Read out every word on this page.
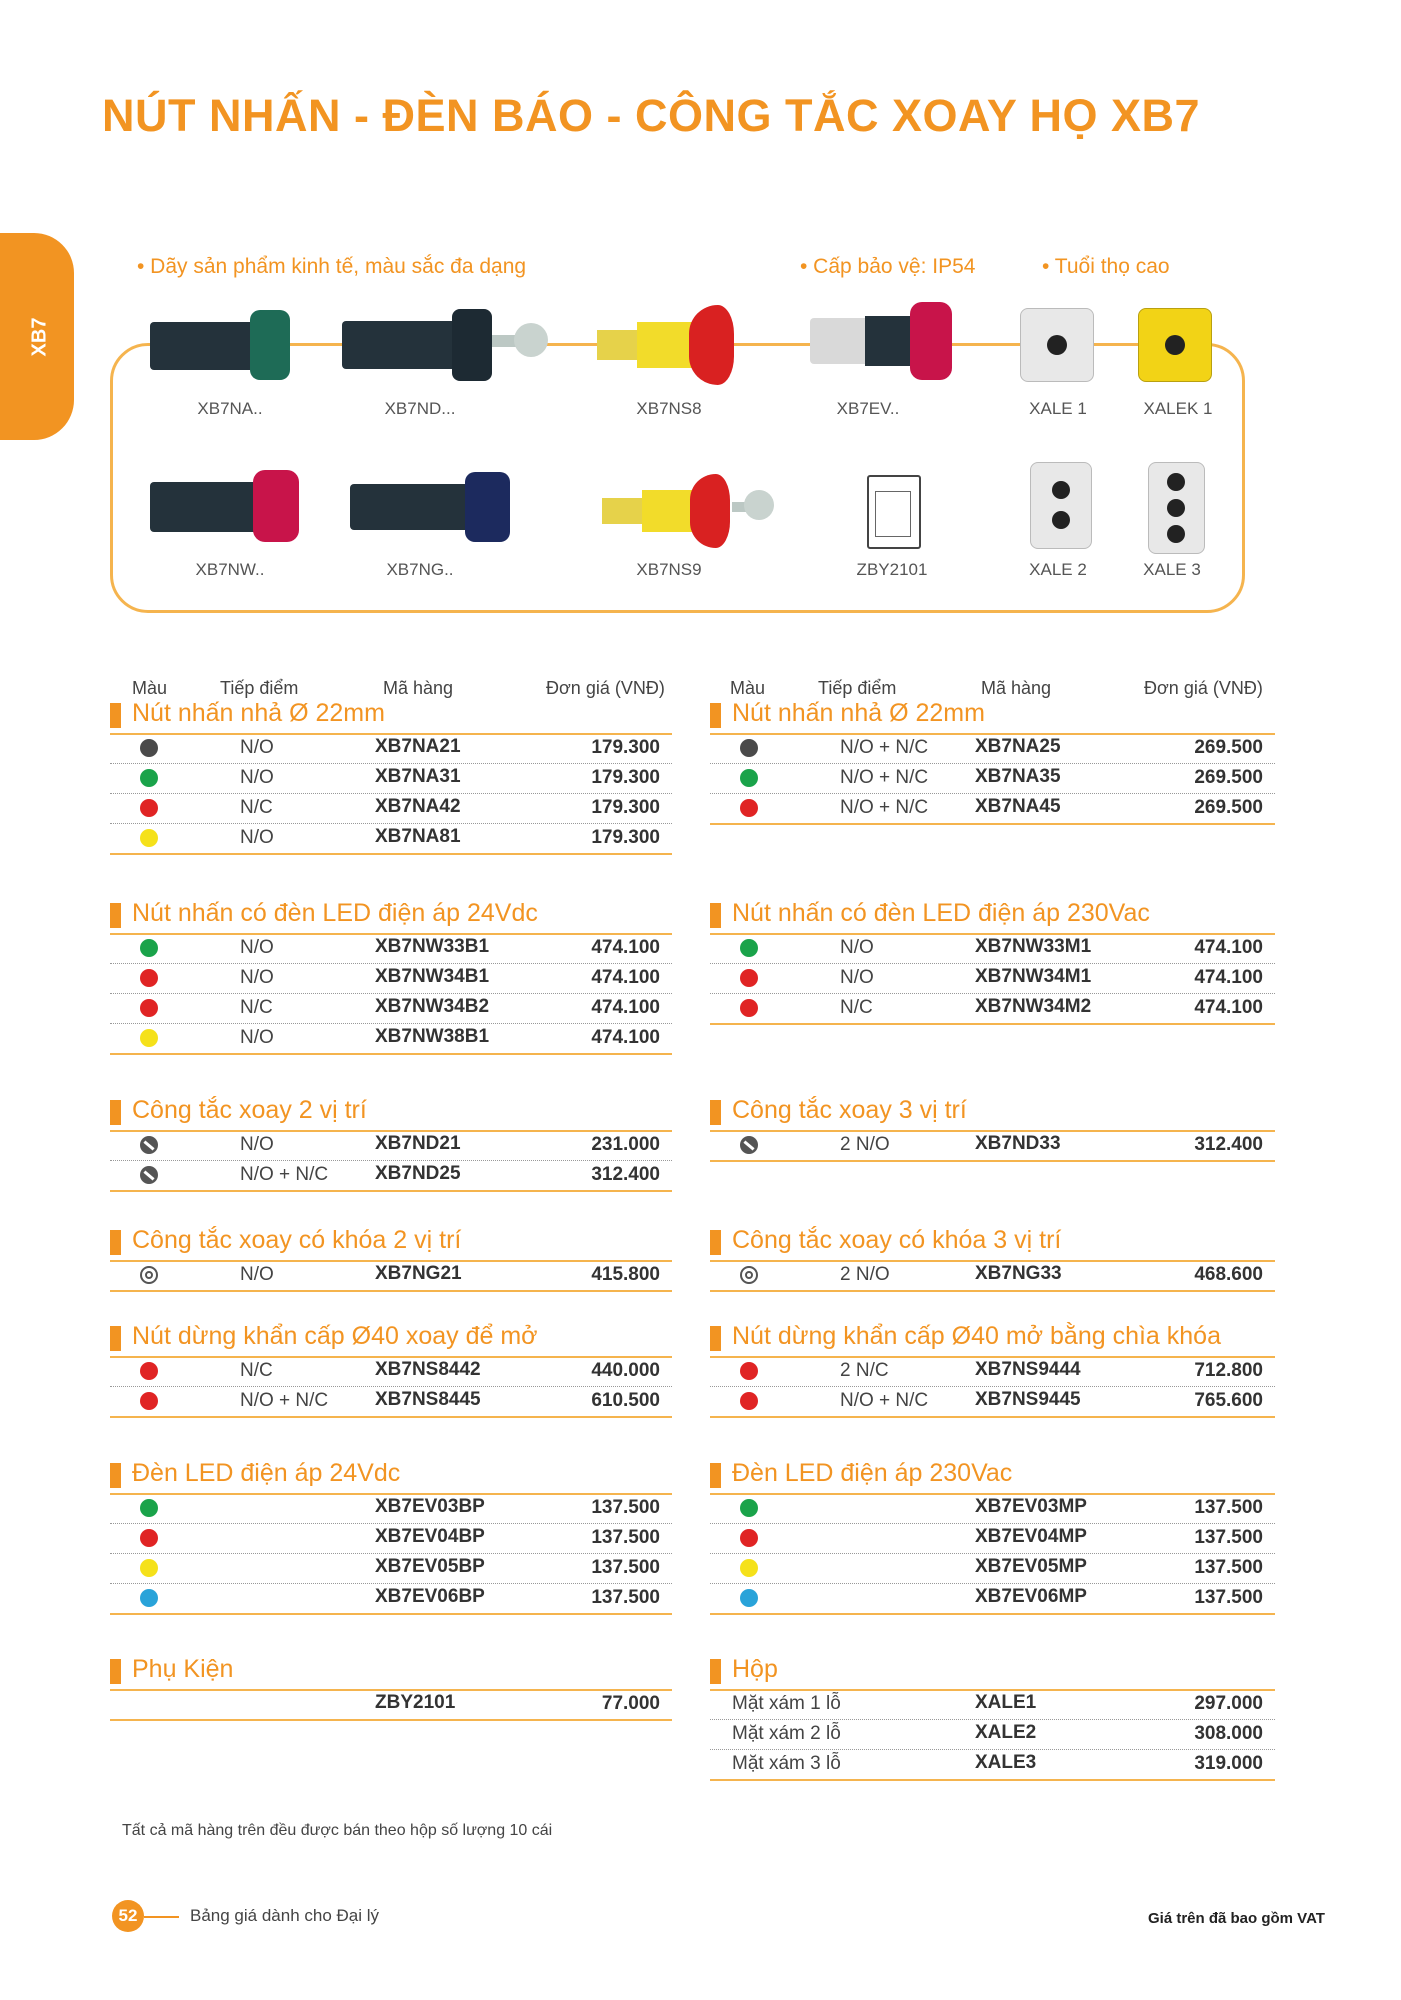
NÚT NHẤN - ĐÈN BÁO - CÔNG TẮC XOAY HỌ XB7
XB7
• Dãy sản phẩm kinh tế, màu sắc đa dạng	• Cấp bảo vệ: IP54	• Tuổi thọ cao
XB7NA..	XB7ND...	XB7NS8	XB7EV..	XALE 1	XALEK 1
XB7NW..	XB7NG..	XB7NS9	ZBY2101	XALE 2	XALE 3
Màu	Tiếp điểm	Mã hàng	Đơn giá (VNĐ)	Màu	Tiếp điểm	Mã hàng	Đơn giá (VNĐ)
Nút nhấn nhả Ø 22mm
N/O	XB7NA21	179.300
N/O	XB7NA31	179.300
N/C	XB7NA42	179.300
N/O	XB7NA81	179.300
Nút nhấn có đèn LED điện áp 24Vdc
N/O	XB7NW33B1	474.100
N/O	XB7NW34B1	474.100
N/C	XB7NW34B2	474.100
N/O	XB7NW38B1	474.100
Công tắc xoay 2 vị trí
N/O	XB7ND21	231.000
N/O + N/C XB7ND25	312.400
Công tắc xoay có khóa 2 vị trí
N/O	XB7NG21	415.800
Nút dừng khẩn cấp Ø40 xoay để mở
N/C	XB7NS8442	440.000
N/O + N/C XB7NS8445	610.500
Đèn LED điện áp 24Vdc
XB7EV03BP	137.500
XB7EV04BP	137.500
XB7EV05BP	137.500
XB7EV06BP	137.500
Phụ Kiện
ZBY2101	77.000
Nút nhấn nhả Ø 22mm
N/O + N/C XB7NA25	269.500
N/O + N/C XB7NA35	269.500
N/O + N/C XB7NA45	269.500
Nút nhấn có đèn LED điện áp 230Vac
N/O	XB7NW33M1	474.100
N/O	XB7NW34M1	474.100
N/C	XB7NW34M2	474.100
Công tắc xoay 3 vị trí
2 N/O	XB7ND33	312.400
Công tắc xoay có khóa 3 vị trí
2 N/O	XB7NG33	468.600
Nút dừng khẩn cấp Ø40 mở bằng chìa khóa
2 N/C	XB7NS9444	712.800
N/O + N/C XB7NS9445	765.600
Đèn LED điện áp 230Vac
XB7EV03MP	137.500
XB7EV04MP	137.500
XB7EV05MP	137.500
XB7EV06MP	137.500
Hộp
Mặt xám 1 lỗ	XALE1	297.000
Mặt xám 2 lỗ	XALE2	308.000
Mặt xám 3 lỗ	XALE3	319.000
Tất cả mã hàng trên đều được bán theo hộp số lượng 10 cái
52	Bảng giá dành cho Đại lý	Giá trên đã bao gồm VAT
